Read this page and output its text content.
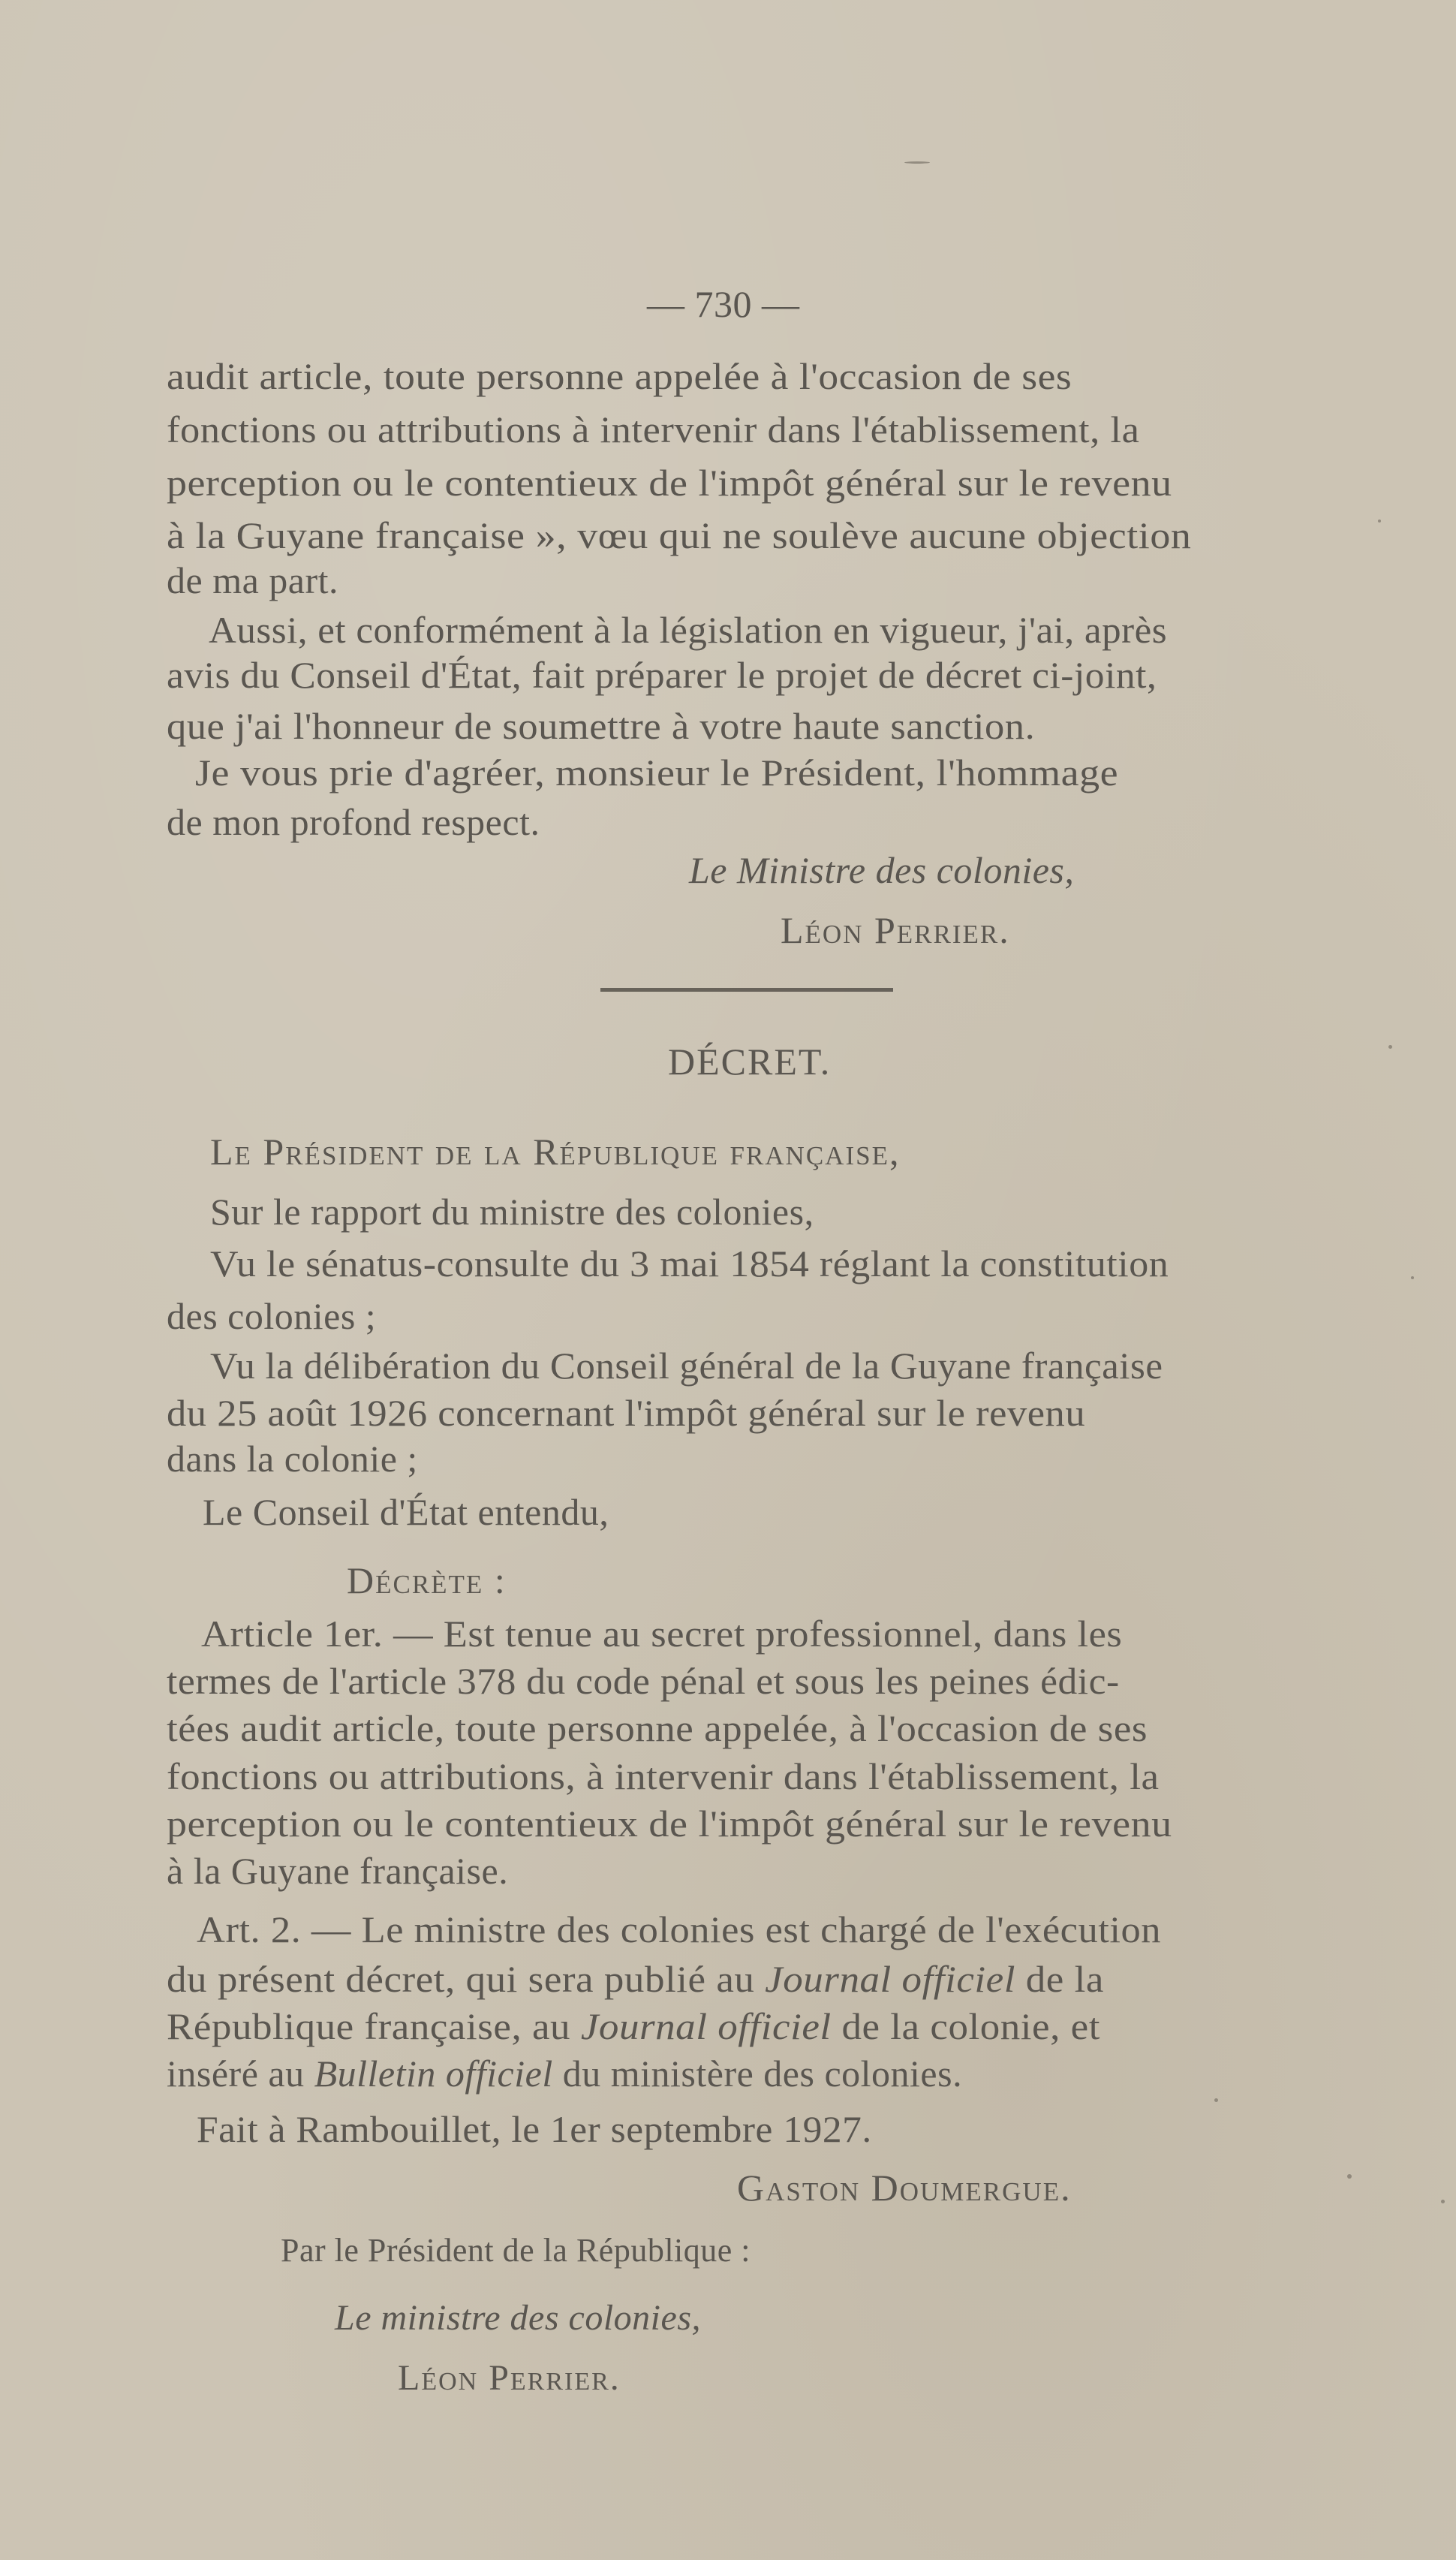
— 730 —
audit article, toute personne appelée à l'occasion de ses
fonctions ou attributions à intervenir dans l'établissement, la
perception ou le contentieux de l'impôt général sur le revenu
à la Guyane française », vœu qui ne soulève aucune objection
de ma part.
Aussi, et conformément à la législation en vigueur, j'ai, après
avis du Conseil d'État, fait préparer le projet de décret ci-joint,
que j'ai l'honneur de soumettre à votre haute sanction.
Je vous prie d'agréer, monsieur le Président, l'hommage
de mon profond respect.
Le Ministre des colonies,
Léon Perrier.
DÉCRET.
Le Président de la République française,
Sur le rapport du ministre des colonies,
Vu le sénatus-consulte du 3 mai 1854 réglant la constitution
des colonies ;
Vu la délibération du Conseil général de la Guyane française
du 25 août 1926 concernant l'impôt général sur le revenu
dans la colonie ;
Le Conseil d'État entendu,
Décrète :
Article 1er. — Est tenue au secret professionnel, dans les
termes de l'article 378 du code pénal et sous les peines édic-
tées audit article, toute personne appelée, à l'occasion de ses
fonctions ou attributions, à intervenir dans l'établissement, la
perception ou le contentieux de l'impôt général sur le revenu
à la Guyane française.
Art. 2. — Le ministre des colonies est chargé de l'exécution
du présent décret, qui sera publié au Journal officiel de la
République française, au Journal officiel de la colonie, et
inséré au Bulletin officiel du ministère des colonies.
Fait à Rambouillet, le 1er septembre 1927.
Gaston Doumergue.
Par le Président de la République :
Le ministre des colonies,
Léon Perrier.
